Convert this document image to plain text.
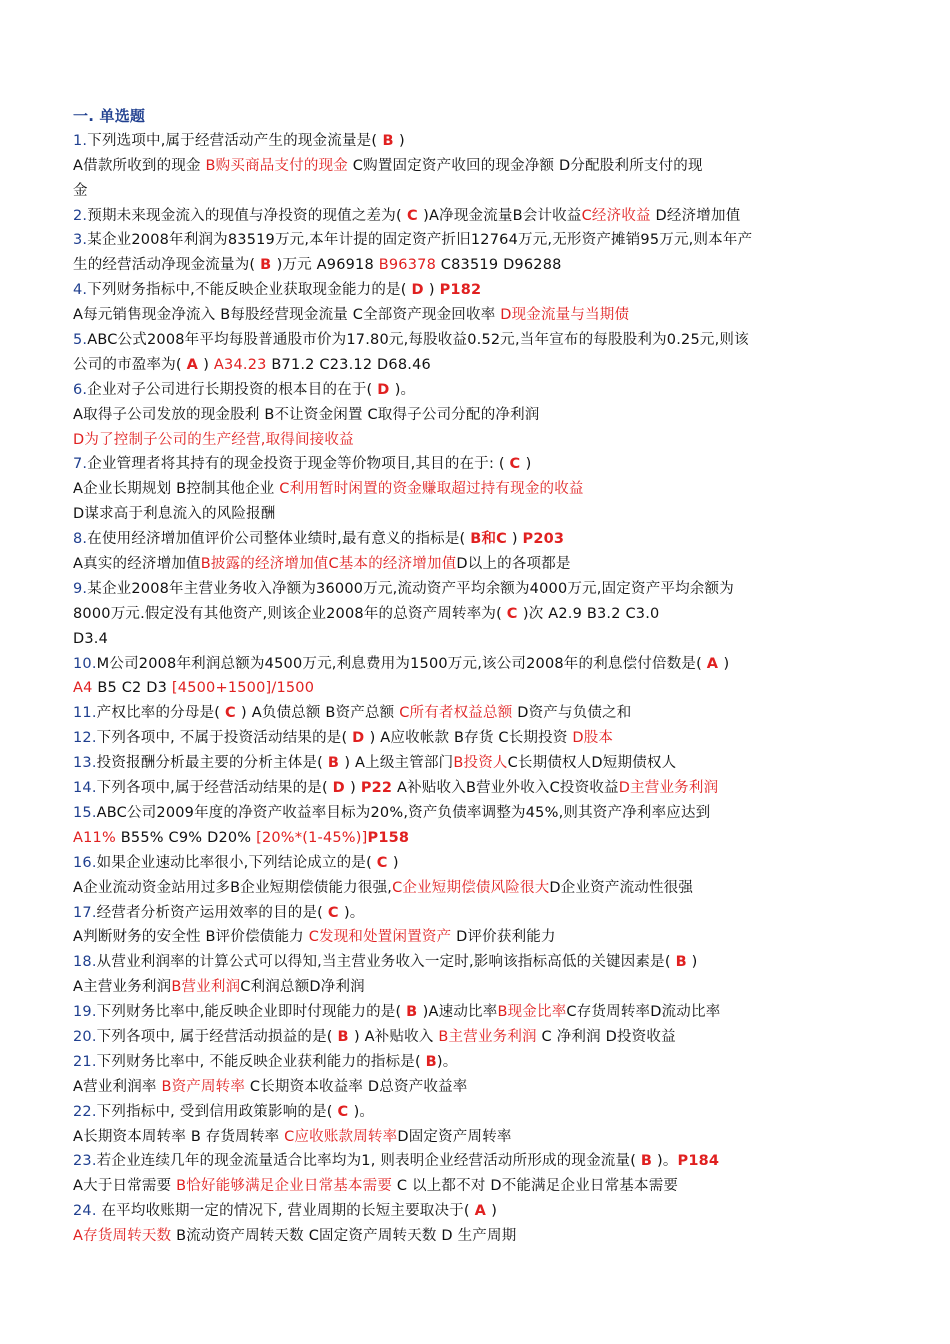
一. 单选题
1.下列选项中,属于经营活动产生的现金流量是( B )
A借款所收到的现金 B购买商品支付的现金 C购置固定资产收回的现金净额 D分配股利所支付的现
金
2.预期未来现金流入的现值与净投资的现值之差为( C )A净现金流量B会计收益C经济收益 D经济增加值
3.某企业2008年利润为83519万元,本年计提的固定资产折旧12764万元,无形资产摊销95万元,则本年产
生的经营活动净现金流量为( B )万元 A96918 B96378 C83519 D96288
4.下列财务指标中,不能反映企业获取现金能力的是( D ) P182
A每元销售现金净流入 B每股经营现金流量 C全部资产现金回收率 D现金流量与当期债
5.ABC公式2008年平均每股普通股市价为17.80元,每股收益0.52元,当年宣布的每股股利为0.25元,则该
公司的市盈率为( A ) A34.23 B71.2 C23.12 D68.46
6.企业对子公司进行长期投资的根本目的在于( D )。
A取得子公司发放的现金股利 B不让资金闲置 C取得子公司分配的净利润
D为了控制子公司的生产经营,取得间接收益
7.企业管理者将其持有的现金投资于现金等价物项目,其目的在于: ( C )
A企业长期规划 B控制其他企业 C利用暂时闲置的资金赚取超过持有现金的收益
D谋求高于利息流入的风险报酬
8.在使用经济增加值评价公司整体业绩时,最有意义的指标是( B和C ) P203
A真实的经济增加值B披露的经济增加值C基本的经济增加值D以上的各项都是
9.某企业2008年主营业务收入净额为36000万元,流动资产平均余额为4000万元,固定资产平均余额为
8000万元.假定没有其他资产,则该企业2008年的总资产周转率为( C )次 A2.9 B3.2 C3.0
D3.4
10.M公司2008年利润总额为4500万元,利息费用为1500万元,该公司2008年的利息偿付倍数是( A )
A4 B5 C2 D3 [4500+1500]/1500
11.产权比率的分母是( C ) A负债总额 B资产总额 C所有者权益总额 D资产与负债之和
12.下列各项中, 不属于投资活动结果的是( D ) A应收帐款 B存货 C长期投资 D股本
13.投资报酬分析最主要的分析主体是( B ) A上级主管部门B投资人C长期债权人D短期债权人
14.下列各项中,属于经营活动结果的是( D ) P22 A补贴收入B营业外收入C投资收益D主营业务利润
15.ABC公司2009年度的净资产收益率目标为20%,资产负债率调整为45%,则其资产净利率应达到
A11% B55% C9% D20% [20%*(1-45%)]P158
16.如果企业速动比率很小,下列结论成立的是( C )
A企业流动资金站用过多B企业短期偿债能力很强,C企业短期偿债风险很大D企业资产流动性很强
17.经营者分析资产运用效率的目的是( C )。
A判断财务的安全性 B评价偿债能力 C发现和处置闲置资产 D评价获利能力
18.从营业利润率的计算公式可以得知,当主营业务收入一定时,影响该指标高低的关键因素是( B )
A主营业务利润B营业利润C利润总额D净利润
19.下列财务比率中,能反映企业即时付现能力的是( B )A速动比率B现金比率C存货周转率D流动比率
20.下列各项中, 属于经营活动损益的是( B ) A补贴收入 B主营业务利润 C 净利润 D投资收益
21.下列财务比率中, 不能反映企业获利能力的指标是( B)。
A营业利润率 B资产周转率 C长期资本收益率 D总资产收益率
22.下列指标中, 受到信用政策影响的是( C )。
A长期资本周转率 B 存货周转率 C应收账款周转率D固定资产周转率
23.若企业连续几年的现金流量适合比率均为1, 则表明企业经营活动所形成的现金流量( B )。P184
A大于日常需要 B恰好能够满足企业日常基本需要 C 以上都不对 D不能满足企业日常基本需要
24. 在平均收账期一定的情况下, 营业周期的长短主要取决于( A )
A存货周转天数 B流动资产周转天数 C固定资产周转天数 D 生产周期
